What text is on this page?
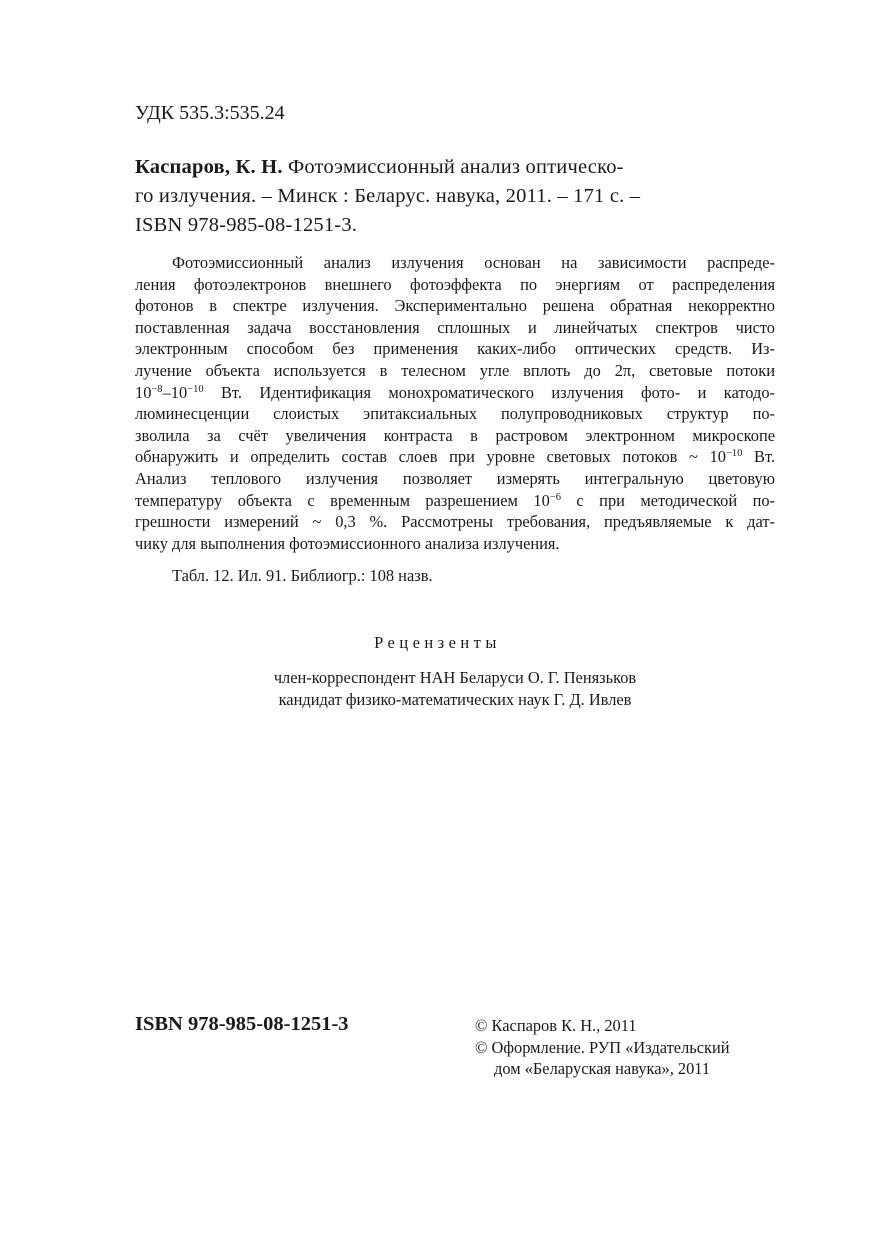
УДК 535.3:535.24
Каспаров, К. Н. Фотоэмиссионный анализ оптическо-
го излучения. – Минск : Беларус. навука, 2011. – 171 с. –
ISBN 978-985-08-1251-3.
Фотоэмиссионный анализ излучения основан на зависимости распреде-
ления фотоэлектронов внешнего фотоэффекта по энергиям от распределения
фотонов в спектре излучения. Экспериментально решена обратная некорректно
поставленная задача восстановления сплошных и линейчатых спектров чисто
электронным способом без применения каких-либо оптических средств. Из-
лучение объекта используется в телесном угле вплоть до 2π, световые потоки
$10^{-8}-10^{-10}$ Вт. Идентификация монохроматического излучения фото- и катодо-
люминесценции слоистых эпитаксиальных полупроводниковых структур по-
зволила за счёт увеличения контраста в растровом электронном микроскопе
обнаружить и определить состав слоев при уровне световых потоков ~ $10^{-10}$ Вт.
Анализ теплового излучения позволяет измерять интегральную цветовую
температуру объекта с временным разрешением $10^{-6}$ с при методической по-
грешности измерений ~ 0,3 %. Рассмотрены требования, предъявляемые к дат-
чику для выполнения фотоэмиссионного анализа излучения.
Табл. 12. Ил. 91. Библиогр.: 108 назв.
Рецензенты
член-корреспондент НАН Беларуси О. Г. Пенязьков
кандидат физико-математических наук Г. Д. Ивлев
ISBN 978-985-08-1251-3	© Каспаров К. Н., 2011
© Оформление. РУП «Издательский
дом «Беларуская навука», 2011
